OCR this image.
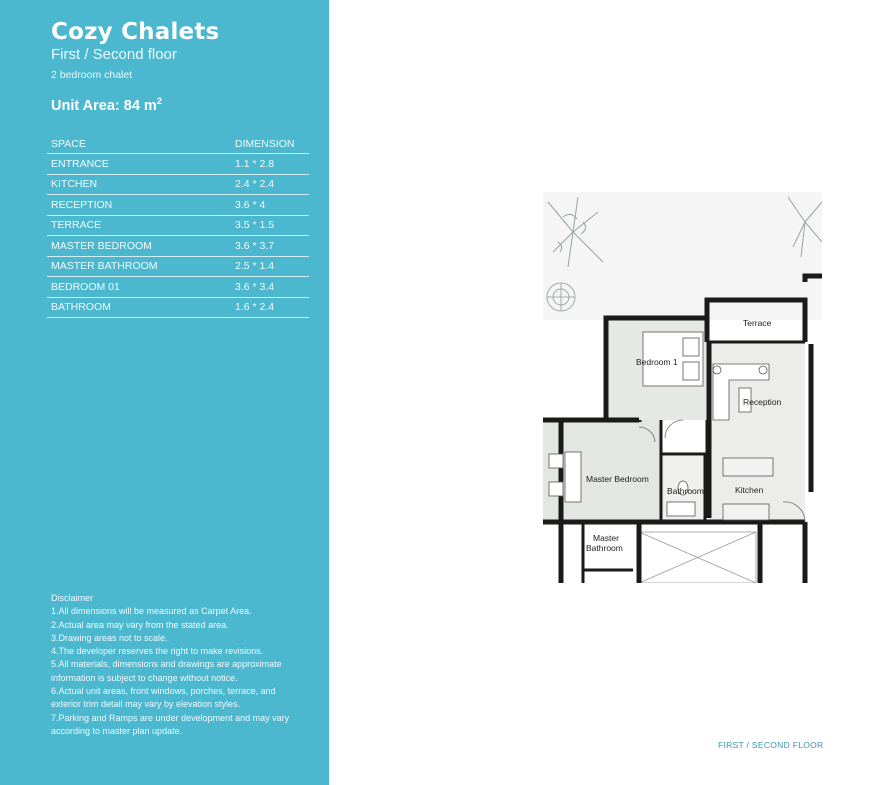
Cozy Chalets
First / Second floor
2 bedroom chalet
Unit Area: 84 $m^2$
SPACE	DIMENSION
ENTRANCE	1.1 * 2.8
KITCHEN	2.4 * 2.4
RECEPTION	3.6 * 4
TERRACE	3.5 * 1.5
MASTER BEDROOM	3.6 * 3.7
MASTER BATHROOM	2.5 * 1.4
BEDROOM 01	3.6 * 3.4
BATHROOM	1.6 * 2.4
Disclaimer
1.All dimensions will be measured as Carpet Area.
2.Actual area may vary from the stated area.
3.Drawing areas not to scale.
4.The developer reserves the right to make revisions.
5.All materials, dimensions and drawings are approximate information is subject to change without notice.
6.Actual unit areas, front windows, porches, terrace, and exterior trim detail may vary by elevation styles.
7.Parking and Ramps are under development and may vary according to master plan update.
Terrace
Bedroom 1
Reception
Master Bedroom
Bathroom	Kitchen
Master
Bathroom
FIRST / SECOND FLOOR
